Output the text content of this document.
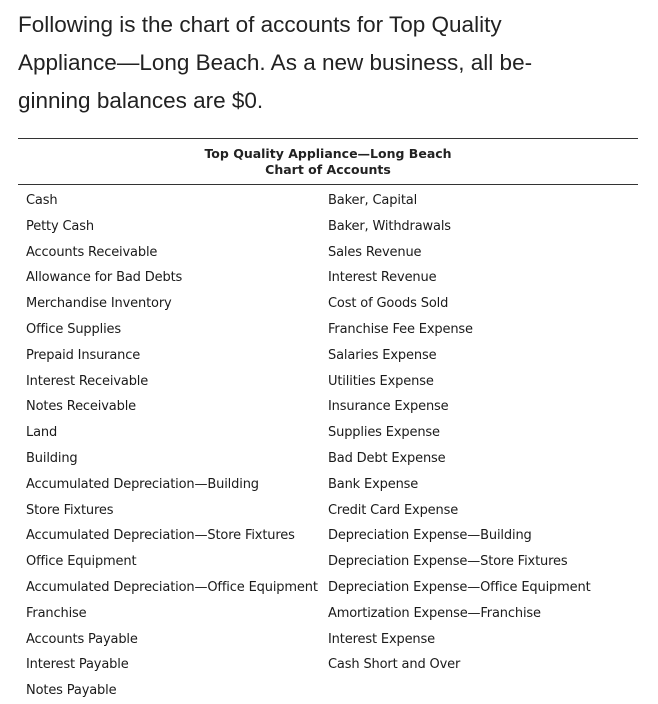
Following is the chart of accounts for Top Quality
Appliance—Long Beach. As a new business, all be-
ginning balances are $0.
Top Quality Appliance—Long Beach
Chart of Accounts
Cash
Petty Cash
Accounts Receivable
Allowance for Bad Debts
Merchandise Inventory
Office Supplies
Prepaid Insurance
Interest Receivable
Notes Receivable
Land
Building
Accumulated Depreciation—Building
Store Fixtures
Accumulated Depreciation—Store Fixtures
Office Equipment
Accumulated Depreciation—Office Equipment
Franchise
Accounts Payable
Interest Payable
Notes Payable
Baker, Capital
Baker, Withdrawals
Sales Revenue
Interest Revenue
Cost of Goods Sold
Franchise Fee Expense
Salaries Expense
Utilities Expense
Insurance Expense
Supplies Expense
Bad Debt Expense
Bank Expense
Credit Card Expense
Depreciation Expense—Building
Depreciation Expense—Store Fixtures
Depreciation Expense—Office Equipment
Amortization Expense—Franchise
Interest Expense
Cash Short and Over
